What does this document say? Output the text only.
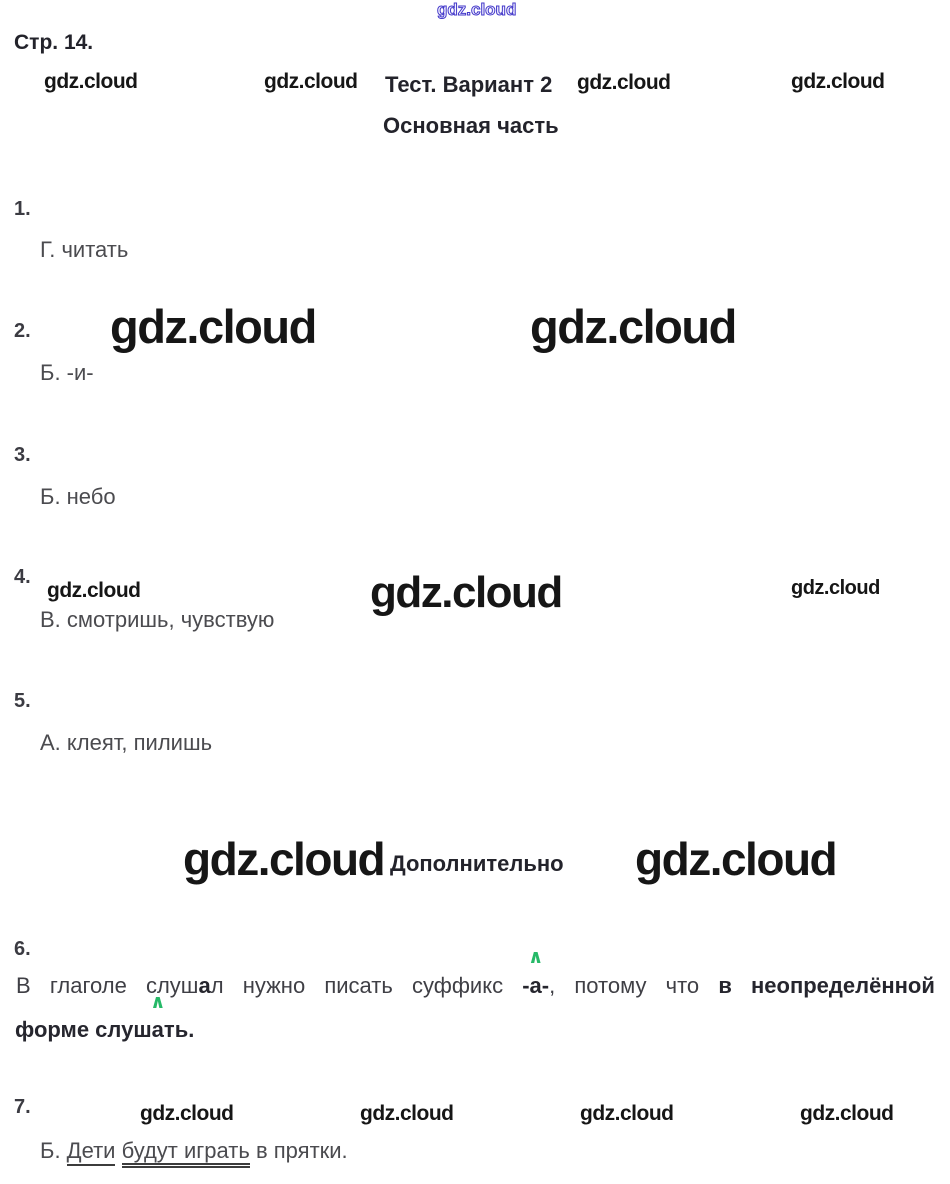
gdz.cloud
gdz.cloud	gdz.cloud	gdz.cloud	gdz.cloud
gdz.cloud	gdz.cloud
gdz.cloud	gdz.cloud	gdz.cloud
gdz.cloud	gdz.cloud
gdz.cloud	gdz.cloud	gdz.cloud	gdz.cloud
Стр. 14.
Тест. Вариант 2
Основная часть
Дополнительно
1.
Г. читать
2.
Б. -и-
3.
Б. небо
4.
В. смотришь, чувствую
5.
А. клеят, пилишь
6.
В глаголе слушал нужно писать суффикс -а-
∧
, потому что в неопределённой
форме слуша
∧
ть.
7.
Б. Дети будут играть в прятки.
